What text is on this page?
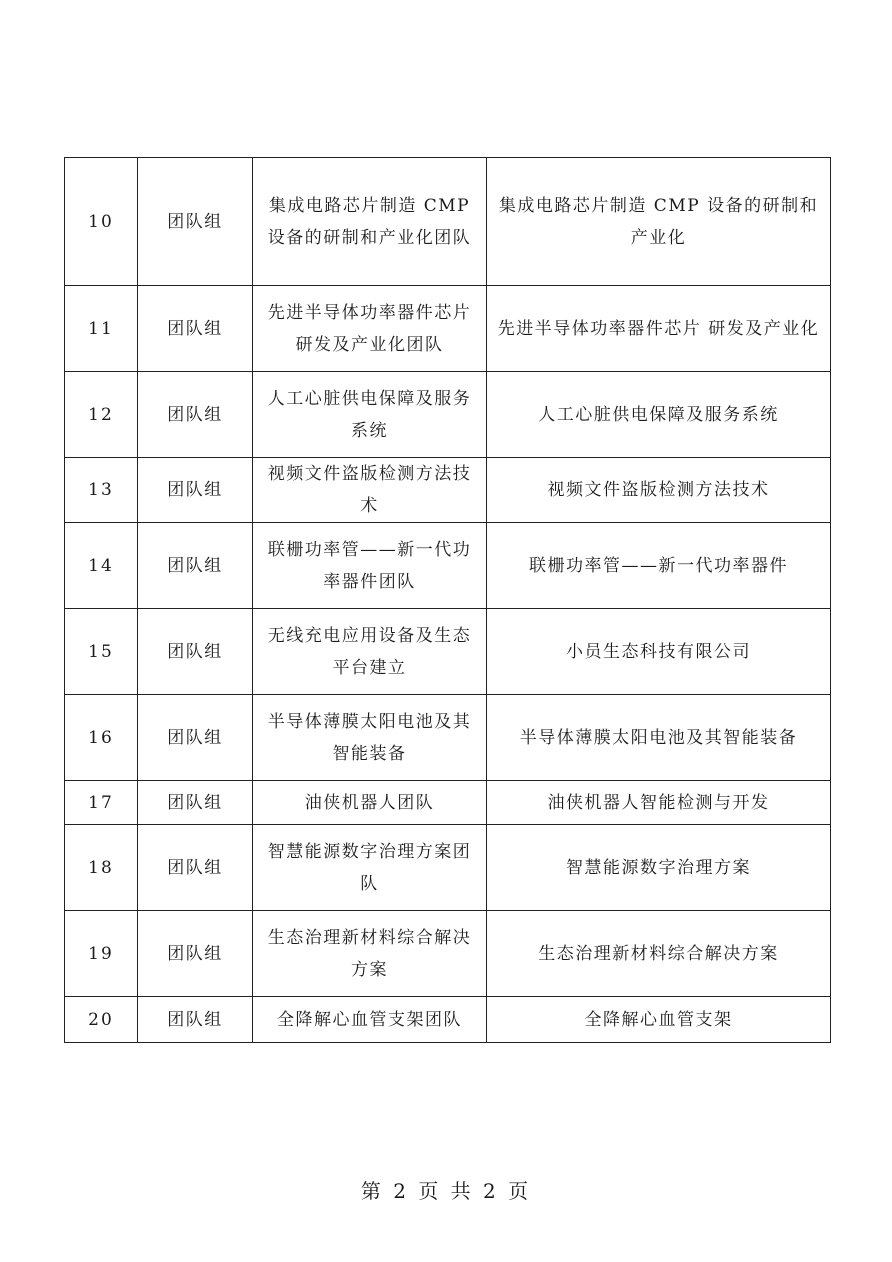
10	团队组	集成电路芯片制造 CMP 设备的研制和产业化团队	集成电路芯片制造 CMP 设备的研制和产业化
11	团队组	先进半导体功率器件芯片 研发及产业化团队	先进半导体功率器件芯片 研发及产业化
12	团队组	人工心脏供电保障及服务系统	人工心脏供电保障及服务系统
13	团队组	视频文件盗版检测方法技术	视频文件盗版检测方法技术
14	团队组	联栅功率管——新一代功率器件团队	联栅功率管——新一代功率器件
15	团队组	无线充电应用设备及生态平台建立	小员生态科技有限公司
16	团队组	半导体薄膜太阳电池及其智能装备	半导体薄膜太阳电池及其智能装备
17	团队组	油侠机器人团队	油侠机器人智能检测与开发
18	团队组	智慧能源数字治理方案团队	智慧能源数字治理方案
19	团队组	生态治理新材料综合解决方案	生态治理新材料综合解决方案
20	团队组	全降解心血管支架团队	全降解心血管支架
第 2 页 共 2 页
